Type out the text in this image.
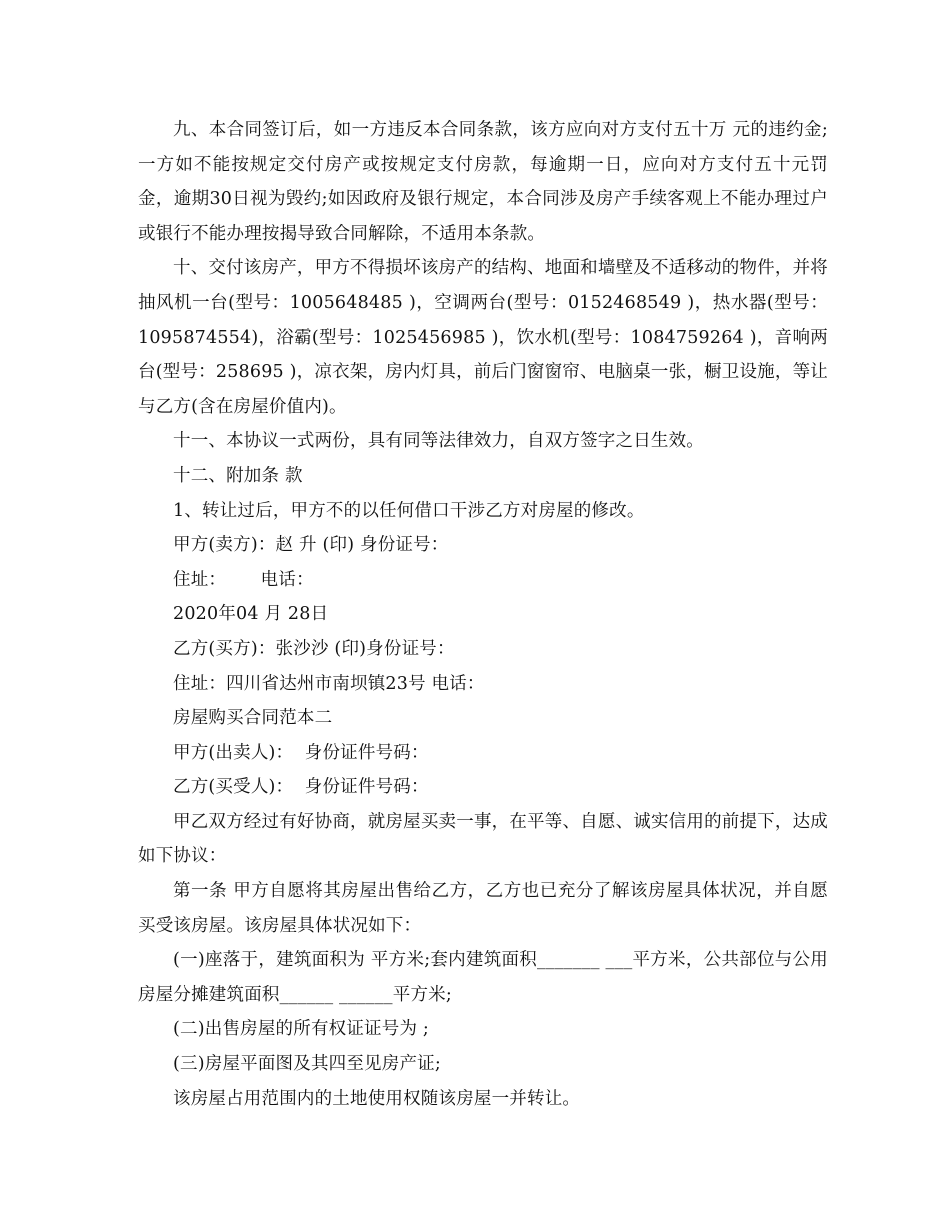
九、本合同签订后，如一方违反本合同条款，该方应向对方支付五十万 元的违约金;一方如不能按规定交付房产或按规定支付房款，每逾期一日，应向对方支付五十元罚金，逾期30日视为毁约;如因政府及银行规定，本合同涉及房产手续客观上不能办理过户或银行不能办理按揭导致合同解除，不适用本条款。

十、交付该房产，甲方不得损坏该房产的结构、地面和墙壁及不适移动的物件，并将抽风机一台(型号：1005648485 )，空调两台(型号：0152468549 )，热水器(型号：1095874554)，浴霸(型号：1025456985 )，饮水机(型号：1084759264 )，音响两台(型号：258695 )，凉衣架，房内灯具，前后门窗窗帘、电脑桌一张，橱卫设施，等让与乙方(含在房屋价值内)。

十一、本协议一式两份，具有同等法律效力，自双方签字之日生效。

十二、附加条 款

1、转让过后，甲方不的以任何借口干涉乙方对房屋的修改。

甲方(卖方)：赵 升 (印) 身份证号：

住址：      电话：

2020年04 月 28日

乙方(买方)：张沙沙 (印)身份证号：

住址：四川省达州市南坝镇23号 电话：

房屋购买合同范本二

甲方(出卖人)：  身份证件号码：

乙方(买受人)：  身份证件号码：

甲乙双方经过有好协商，就房屋买卖一事，在平等、自愿、诚实信用的前提下，达成如下协议：

第一条 甲方自愿将其房屋出售给乙方，乙方也已充分了解该房屋具体状况，并自愿买受该房屋。该房屋具体状况如下：

(一)座落于，建筑面积为 平方米;套内建筑面积_______ ___平方米，公共部位与公用房屋分摊建筑面积______ ______平方米;

(二)出售房屋的所有权证证号为 ;

(三)房屋平面图及其四至见房产证;

该房屋占用范围内的土地使用权随该房屋一并转让。
